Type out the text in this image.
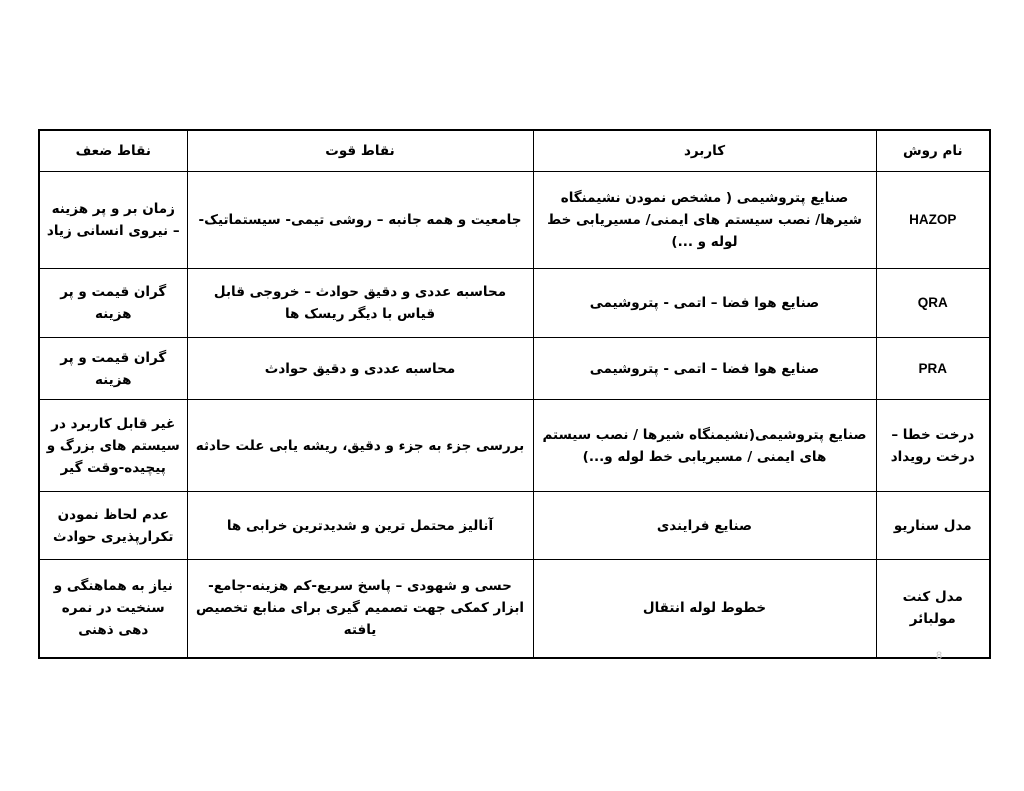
نام روش	کاربرد	نقاط قوت	نقاط ضعف
HAZOP	صنایع پتروشیمی ( مشخص نمودن نشیمنگاه شیرها/ نصب سیستم های ایمنی/ مسیریابی خط لوله و ...)	جامعیت و همه جانبه – روشی تیمی- سیستماتیک-	زمان بر و پر هزینه – نیروی انسانی زیاد
QRA	صنایع هوا فضا – اتمی - پتروشیمی	محاسبه عددی و دقیق حوادث – خروجی قابل قیاس با دیگر ریسک ها	گران قیمت و پر هزینه
PRA	صنایع هوا فضا – اتمی - پتروشیمی	محاسبه عددی و دقیق حوادث	گران قیمت و پر هزینه
درخت خطا – درخت رویداد	صنایع پتروشیمی(نشیمنگاه شیرها / نصب سیستم های ایمنی / مسیریابی خط لوله و...)	بررسی جزء به جزء و دقیق، ریشه یابی علت حادثه	غیر قابل کاربرد در سیستم های بزرگ و پیچیده-وقت گیر
مدل سناریو	صنایع فرایندی	آنالیز محتمل ترین و شدیدترین خرابی ها	عدم لحاظ نمودن تکرارپذیری حوادث
مدل کنت مولبائر	خطوط لوله انتقال	حسی و شهودی – پاسخ سریع-کم هزینه-جامع-ابزار کمکی جهت تصمیم گیری برای منابع تخصیص یافته	نیاز به هماهنگی و سنخیت در نمره دهی ذهنی
8
